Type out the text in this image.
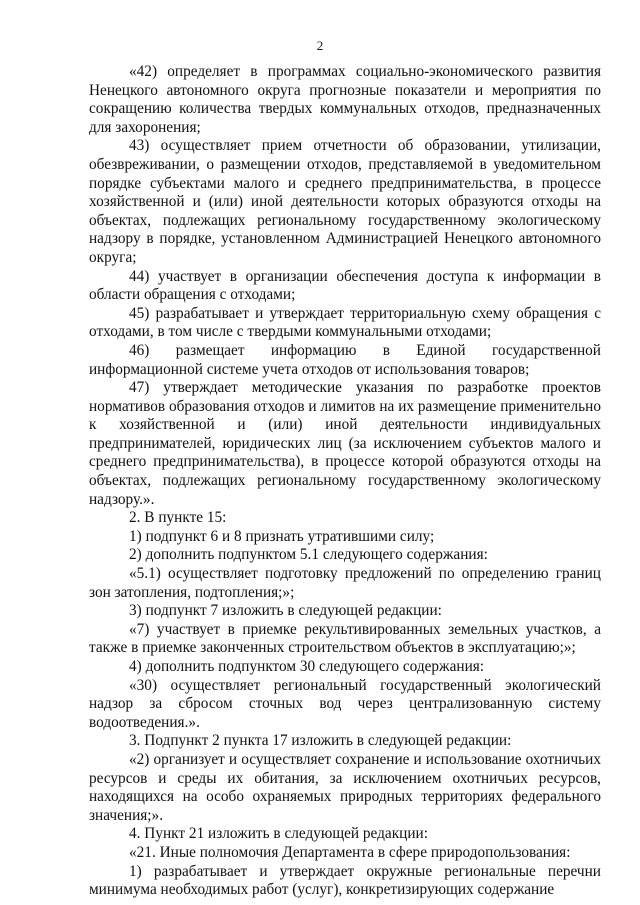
2

«42) определяет в программах социально-экономического развития Ненецкого автономного округа прогнозные показатели и мероприятия по сокращению количества твердых коммунальных отходов, предназначенных для захоронения;

43) осуществляет прием отчетности об образовании, утилизации, обезвреживании, о размещении отходов, представляемой в уведомительном порядке субъектами малого и среднего предпринимательства, в процессе хозяйственной и (или) иной деятельности которых образуются отходы на объектах, подлежащих региональному государственному экологическому надзору в порядке, установленном Администрацией Ненецкого автономного округа;

44) участвует в организации обеспечения доступа к информации в области обращения с отходами;

45) разрабатывает и утверждает территориальную схему обращения с отходами, в том числе с твердыми коммунальными отходами;

46) размещает информацию в Единой государственной информационной системе учета отходов от использования товаров;

47) утверждает методические указания по разработке проектов нормативов образования отходов и лимитов на их размещение применительно к хозяйственной и (или) иной деятельности индивидуальных предпринимателей, юридических лиц (за исключением субъектов малого и среднего предпринимательства), в процессе которой образуются отходы на объектах, подлежащих региональному государственному экологическому надзору.».

2. В пункте 15:

1) подпункт 6 и 8 признать утратившими силу;

2) дополнить подпунктом 5.1 следующего содержания:

«5.1) осуществляет подготовку предложений по определению границ зон затопления, подтопления;»;

3) подпункт 7 изложить в следующей редакции:

«7) участвует в приемке рекультивированных земельных участков, а также в приемке законченных строительством объектов в эксплуатацию;»;

4) дополнить подпунктом 30 следующего содержания:

«30) осуществляет региональный государственный экологический надзор за сбросом сточных вод через централизованную систему водоотведения.».

3. Подпункт 2 пункта 17 изложить в следующей редакции:

«2) организует и осуществляет сохранение и использование охотничьих ресурсов и среды их обитания, за исключением охотничьих ресурсов, находящихся на особо охраняемых природных территориях федерального значения;».

4. Пункт 21 изложить в следующей редакции:

«21. Иные полномочия Департамента в сфере природопользования:

1) разрабатывает и утверждает окружные региональные перечни минимума необходимых работ (услуг), конкретизирующих содержание
